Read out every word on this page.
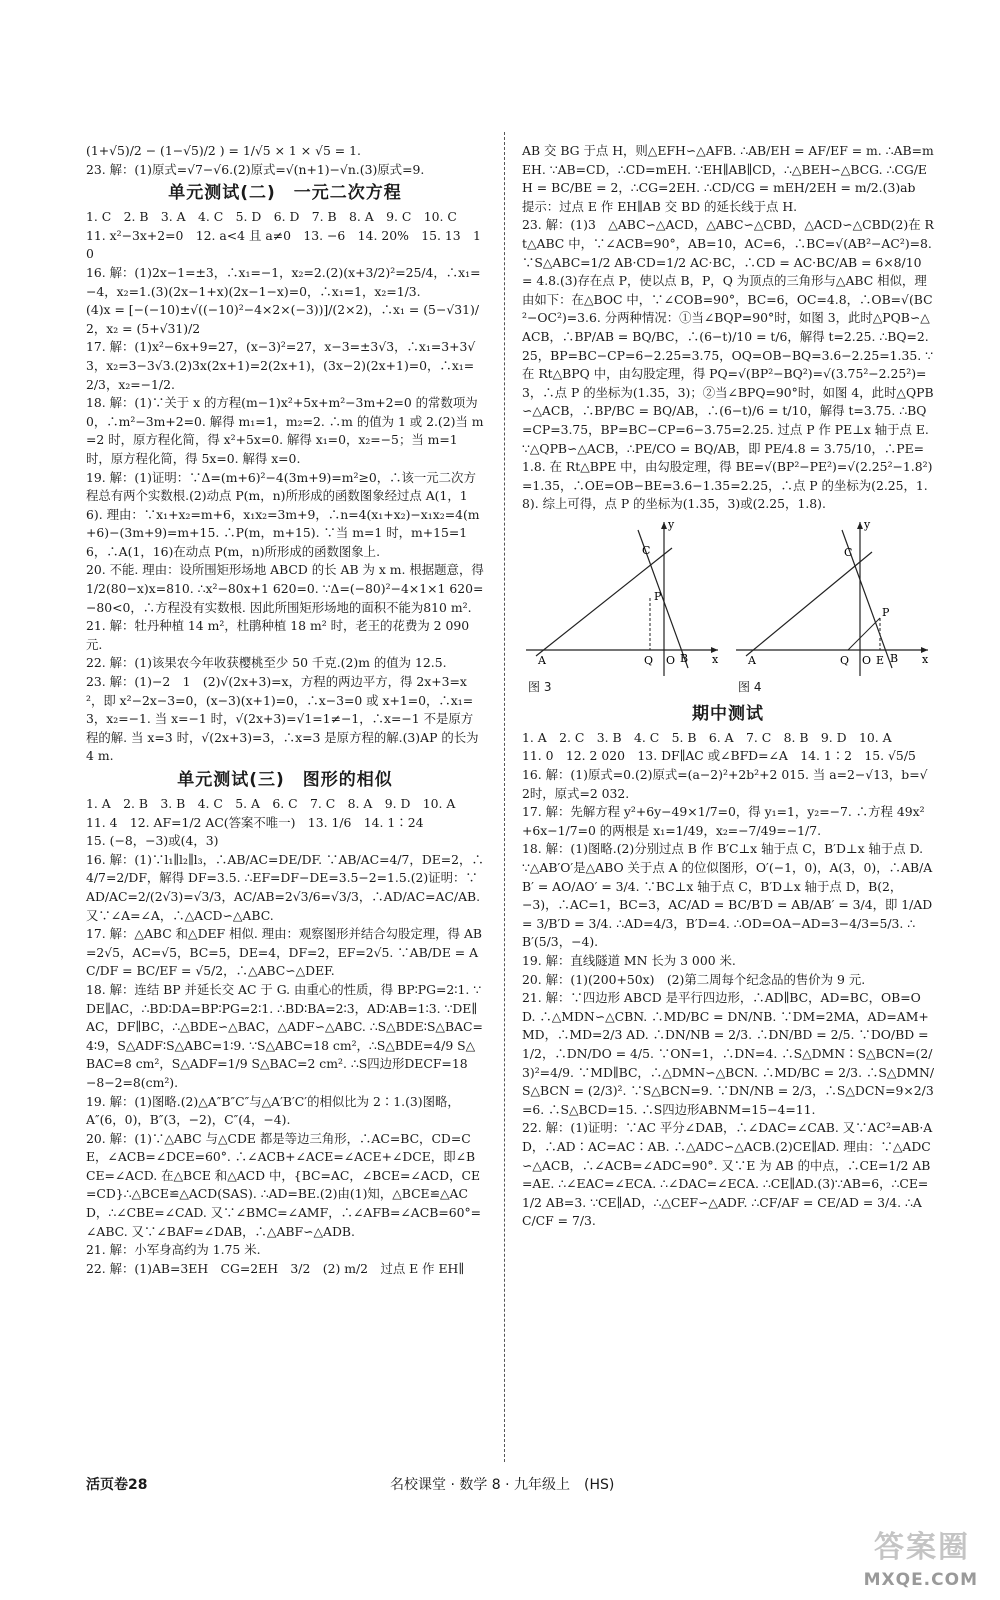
(1+√5)/2 − (1−√5)/2 ) = 1/√5 × 1 × √5 = 1.
23. 解：(1)原式=√7−√6.(2)原式=√(n+1)−√n.(3)原式=9.
单元测试(二)　一元二次方程
1. C　2. B　3. A　4. C　5. D　6. D　7. B　8. A　9. C　10. C
11. x²−3x+2=0　12. a<4 且 a≠0　13. −6　14. 20%　15. 13　10
16. 解：(1)2x−1=±3，∴x₁=−1，x₂=2.(2)(x+3/2)²=25/4，∴x₁=−4，x₂=1.(3)(2x−1+x)(2x−1−x)=0，∴x₁=1，x₂=1/3.
(4)x = [−(−10)±√((−10)²−4×2×(−3))]/(2×2)，∴x₁ = (5−√31)/2，x₂ = (5+√31)/2
17. 解：(1)x²−6x+9=27，(x−3)²=27，x−3=±3√3，∴x₁=3+3√3，x₂=3−3√3.(2)3x(2x+1)=2(2x+1)，(3x−2)(2x+1)=0，∴x₁=2/3，x₂=−1/2.
18. 解：(1)∵关于 x 的方程(m−1)x²+5x+m²−3m+2=0 的常数项为 0，∴m²−3m+2=0. 解得 m₁=1，m₂=2. ∴m 的值为 1 或 2.(2)当 m=2 时，原方程化简，得 x²+5x=0. 解得 x₁=0，x₂=−5；当 m=1 时，原方程化简，得 5x=0. 解得 x=0.
19. 解：(1)证明：∵Δ=(m+6)²−4(3m+9)=m²≥0，∴该一元二次方程总有两个实数根.(2)动点 P(m，n)所形成的函数图象经过点 A(1，16). 理由：∵x₁+x₂=m+6，x₁x₂=3m+9，∴n=4(x₁+x₂)−x₁x₂=4(m+6)−(3m+9)=m+15. ∴P(m，m+15). ∵当 m=1 时，m+15=16，∴A(1，16)在动点 P(m，n)所形成的函数图象上.
20. 不能. 理由：设所围矩形场地 ABCD 的长 AB 为 x m. 根据题意，得 1/2(80−x)x=810. ∴x²−80x+1 620=0. ∵Δ=(−80)²−4×1×1 620=−80<0，∴方程没有实数根. 因此所围矩形场地的面积不能为810 m².
21. 解：牡丹种植 14 m²，杜鹃种植 18 m² 时，老王的花费为 2 090 元.
22. 解：(1)该果农今年收获樱桃至少 50 千克.(2)m 的值为 12.5.
23. 解：(1)−2　1　(2)√(2x+3)=x，方程的两边平方，得 2x+3=x²，即 x²−2x−3=0，(x−3)(x+1)=0，∴x−3=0 或 x+1=0，∴x₁=3，x₂=−1. 当 x=−1 时，√(2x+3)=√1=1≠−1，∴x=−1 不是原方程的解. 当 x=3 时，√(2x+3)=3，∴x=3 是原方程的解.(3)AP 的长为 4 m.
单元测试(三)　图形的相似
1. A　2. B　3. B　4. C　5. A　6. C　7. C　8. A　9. D　10. A
11. 4　12. AF=1/2 AC(答案不唯一)　13. 1/6　14. 1∶24
15. (−8，−3)或(4，3)
16. 解：(1)∵l₁∥l₂∥l₃，∴AB/AC=DE/DF. ∵AB/AC=4/7，DE=2，∴4/7=2/DF，解得 DF=3.5. ∴EF=DF−DE=3.5−2=1.5.(2)证明：∵AD/AC=2/(2√3)=√3/3，AC/AB=2√3/6=√3/3，∴AD/AC=AC/AB. 又∵∠A=∠A，∴△ACD∽△ABC.
17. 解：△ABC 和△DEF 相似. 理由：观察图形并结合勾股定理，得 AB=2√5，AC=√5，BC=5，DE=4，DF=2，EF=2√5. ∵AB/DE = AC/DF = BC/EF = √5/2，∴△ABC∽△DEF.
18. 解：连结 BP 并延长交 AC 于 G. 由重心的性质，得 BP∶PG=2∶1. ∵DE∥AC，∴BD∶DA=BP∶PG=2∶1. ∴BD∶BA=2∶3，AD∶AB=1∶3. ∵DE∥AC，DF∥BC，∴△BDE∽△BAC，△ADF∽△ABC. ∴S△BDE∶S△BAC=4∶9，S△ADF∶S△ABC=1∶9. ∵S△ABC=18 cm²，∴S△BDE=4/9 S△BAC=8 cm²，S△ADF=1/9 S△BAC=2 cm². ∴S四边形DECF=18−8−2=8(cm²).
19. 解：(1)图略.(2)△A″B″C″与△A′B′C′的相似比为 2∶1.(3)图略，A″(6，0)，B″(3，−2)，C″(4，−4).
20. 解：(1)∵△ABC 与△CDE 都是等边三角形，∴AC=BC，CD=CE，∠ACB=∠DCE=60°. ∴∠ACB+∠ACE=∠ACE+∠DCE，即∠BCE=∠ACD. 在△BCE 和△ACD 中，{BC=AC，∠BCE=∠ACD，CE=CD}∴△BCE≌△ACD(SAS). ∴AD=BE.(2)由(1)知，△BCE≌△ACD，∴∠CBE=∠CAD. 又∵∠BMC=∠AMF，∴∠AFB=∠ACB=60°=∠ABC. 又∵∠BAF=∠DAB，∴△ABF∽△ADB.
21. 解：小军身高约为 1.75 米.
22. 解：(1)AB=3EH　CG=2EH　3/2　(2) m/2　过点 E 作 EH∥
AB 交 BG 于点 H，则△EFH∽△AFB. ∴AB/EH = AF/EF = m. ∴AB=mEH. ∵AB=CD，∴CD=mEH. ∵EH∥AB∥CD，∴△BEH∽△BCG. ∴CG/EH = BC/BE = 2，∴CG=2EH. ∴CD/CG = mEH/2EH = m/2.(3)ab
提示：过点 E 作 EH∥AB 交 BD 的延长线于点 H.
23. 解：(1)3　△ABC∽△ACD，△ABC∽△CBD，△ACD∽△CBD(2)在 Rt△ABC 中，∵∠ACB=90°，AB=10，AC=6，∴BC=√(AB²−AC²)=8. ∵S△ABC=1/2 AB·CD=1/2 AC·BC，∴CD = AC·BC/AB = 6×8/10 = 4.8.(3)存在点 P，使以点 B，P，Q 为顶点的三角形与△ABC 相似，理由如下：在△BOC 中，∵∠COB=90°，BC=6，OC=4.8，∴OB=√(BC²−OC²)=3.6. 分两种情况：①当∠BQP=90°时，如图 3，此时△PQB∽△ACB，∴BP/AB = BQ/BC，∴(6−t)/10 = t/6，解得 t=2.25. ∴BQ=2.25，BP=BC−CP=6−2.25=3.75，OQ=OB−BQ=3.6−2.25=1.35. ∵在 Rt△BPQ 中，由勾股定理，得 PQ=√(BP²−BQ²)=√(3.75²−2.25²)=3，∴点 P 的坐标为(1.35，3)；②当∠BPQ=90°时，如图 4，此时△QPB∽△ACB，∴BP/BC = BQ/AB，∴(6−t)/6 = t/10，解得 t=3.75. ∴BQ=CP=3.75，BP=BC−CP=6−3.75=2.25. 过点 P 作 PE⊥x 轴于点 E. ∵△QPB∽△ACB，∴PE/CO = BQ/AB，即 PE/4.8 = 3.75/10，∴PE=1.8. 在 Rt△BPE 中，由勾股定理，得 BE=√(BP²−PE²)=√(2.25²−1.8²)=1.35，∴OE=OB−BE=3.6−1.35=2.25，∴点 P 的坐标为(2.25，1.8). 综上可得，点 P 的坐标为(1.35，3)或(2.25，1.8).
y
x
C
P
A	Q O B
图 3
y
x
C
P
A	Q O E B
图 4
期中测试
1. A　2. C　3. B　4. C　5. B　6. A　7. C　8. B　9. D　10. A
11. 0　12. 2 020　13. DF∥AC 或∠BFD=∠A　14. 1∶2　15. √5/5
16. 解：(1)原式=0.(2)原式=(a−2)²+2b²+2 015. 当 a=2−√13，b=√2时，原式=2 032.
17. 解：先解方程 y²+6y−49×1/7=0，得 y₁=1，y₂=−7. ∴方程 49x²+6x−1/7=0 的两根是 x₁=1/49，x₂=−7/49=−1/7.
18. 解：(1)图略.(2)分别过点 B 作 B′C⊥x 轴于点 C，B′D⊥x 轴于点 D. ∵△AB′O′是△ABO 关于点 A 的位似图形，O′(−1，0)，A(3，0)，∴AB/AB′ = AO/AO′ = 3/4. ∵BC⊥x 轴于点 C，B′D⊥x 轴于点 D，B(2，−3)，∴AC=1，BC=3，AC/AD = BC/B′D = AB/AB′ = 3/4，即 1/AD = 3/B′D = 3/4. ∴AD=4/3，B′D=4. ∴OD=OA−AD=3−4/3=5/3. ∴B′(5/3，−4).
19. 解：直线隧道 MN 长为 3 000 米.
20. 解：(1)(200+50x)　(2)第二周每个纪念品的售价为 9 元.
21. 解：∵四边形 ABCD 是平行四边形，∴AD∥BC，AD=BC，OB=OD. ∴△MDN∽△CBN. ∴MD/BC = DN/NB. ∵DM=2MA，AD=AM+MD，∴MD=2/3 AD. ∴DN/NB = 2/3. ∴DN/BD = 2/5. ∵DO/BD = 1/2，∴DN/DO = 4/5. ∵ON=1，∴DN=4. ∴S△DMN∶S△BCN=(2/3)²=4/9. ∵MD∥BC，∴△DMN∽△BCN. ∴MD/BC = 2/3. ∴S△DMN/S△BCN = (2/3)². ∵S△BCN=9. ∵DN/NB = 2/3，∴S△DCN=9×2/3=6. ∴S△BCD=15. ∴S四边形ABNM=15−4=11.
22. 解：(1)证明：∵AC 平分∠DAB，∴∠DAC=∠CAB. 又∵AC²=AB·AD，∴AD∶AC=AC∶AB. ∴△ADC∽△ACB.(2)CE∥AD. 理由：∵△ADC∽△ACB，∴∠ACB=∠ADC=90°. 又∵E 为 AB 的中点，∴CE=1/2 AB=AE. ∴∠EAC=∠ECA. ∴∠DAC=∠ECA. ∴CE∥AD.(3)∵AB=6，∴CE=1/2 AB=3. ∵CE∥AD，∴△CEF∽△ADF. ∴CF/AF = CE/AD = 3/4. ∴AC/CF = 7/3.
活页卷28	名校课堂 · 数学 8 · 九年级上　(HS)
答案圈
MXQE.COM
